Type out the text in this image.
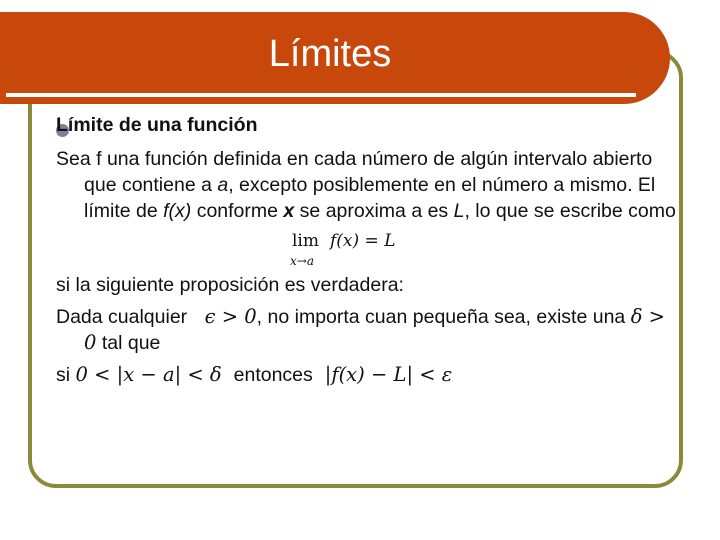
Límites
Límite de una función

Sea f una función definida en cada número de algún intervalo abierto que contiene a a, excepto posiblemente en el número a mismo. El límite de f(x) conforme x se aproxima a es L, lo que se escribe como

lim
x→a
f(x) = L

si la siguiente proposición es verdadera:

Dada cualquier ϵ > 0, no importa cuan pequeña sea, existe una δ > 0 tal que

si 0 < |x − a| < δ entonces |f(x) − L| < ε
